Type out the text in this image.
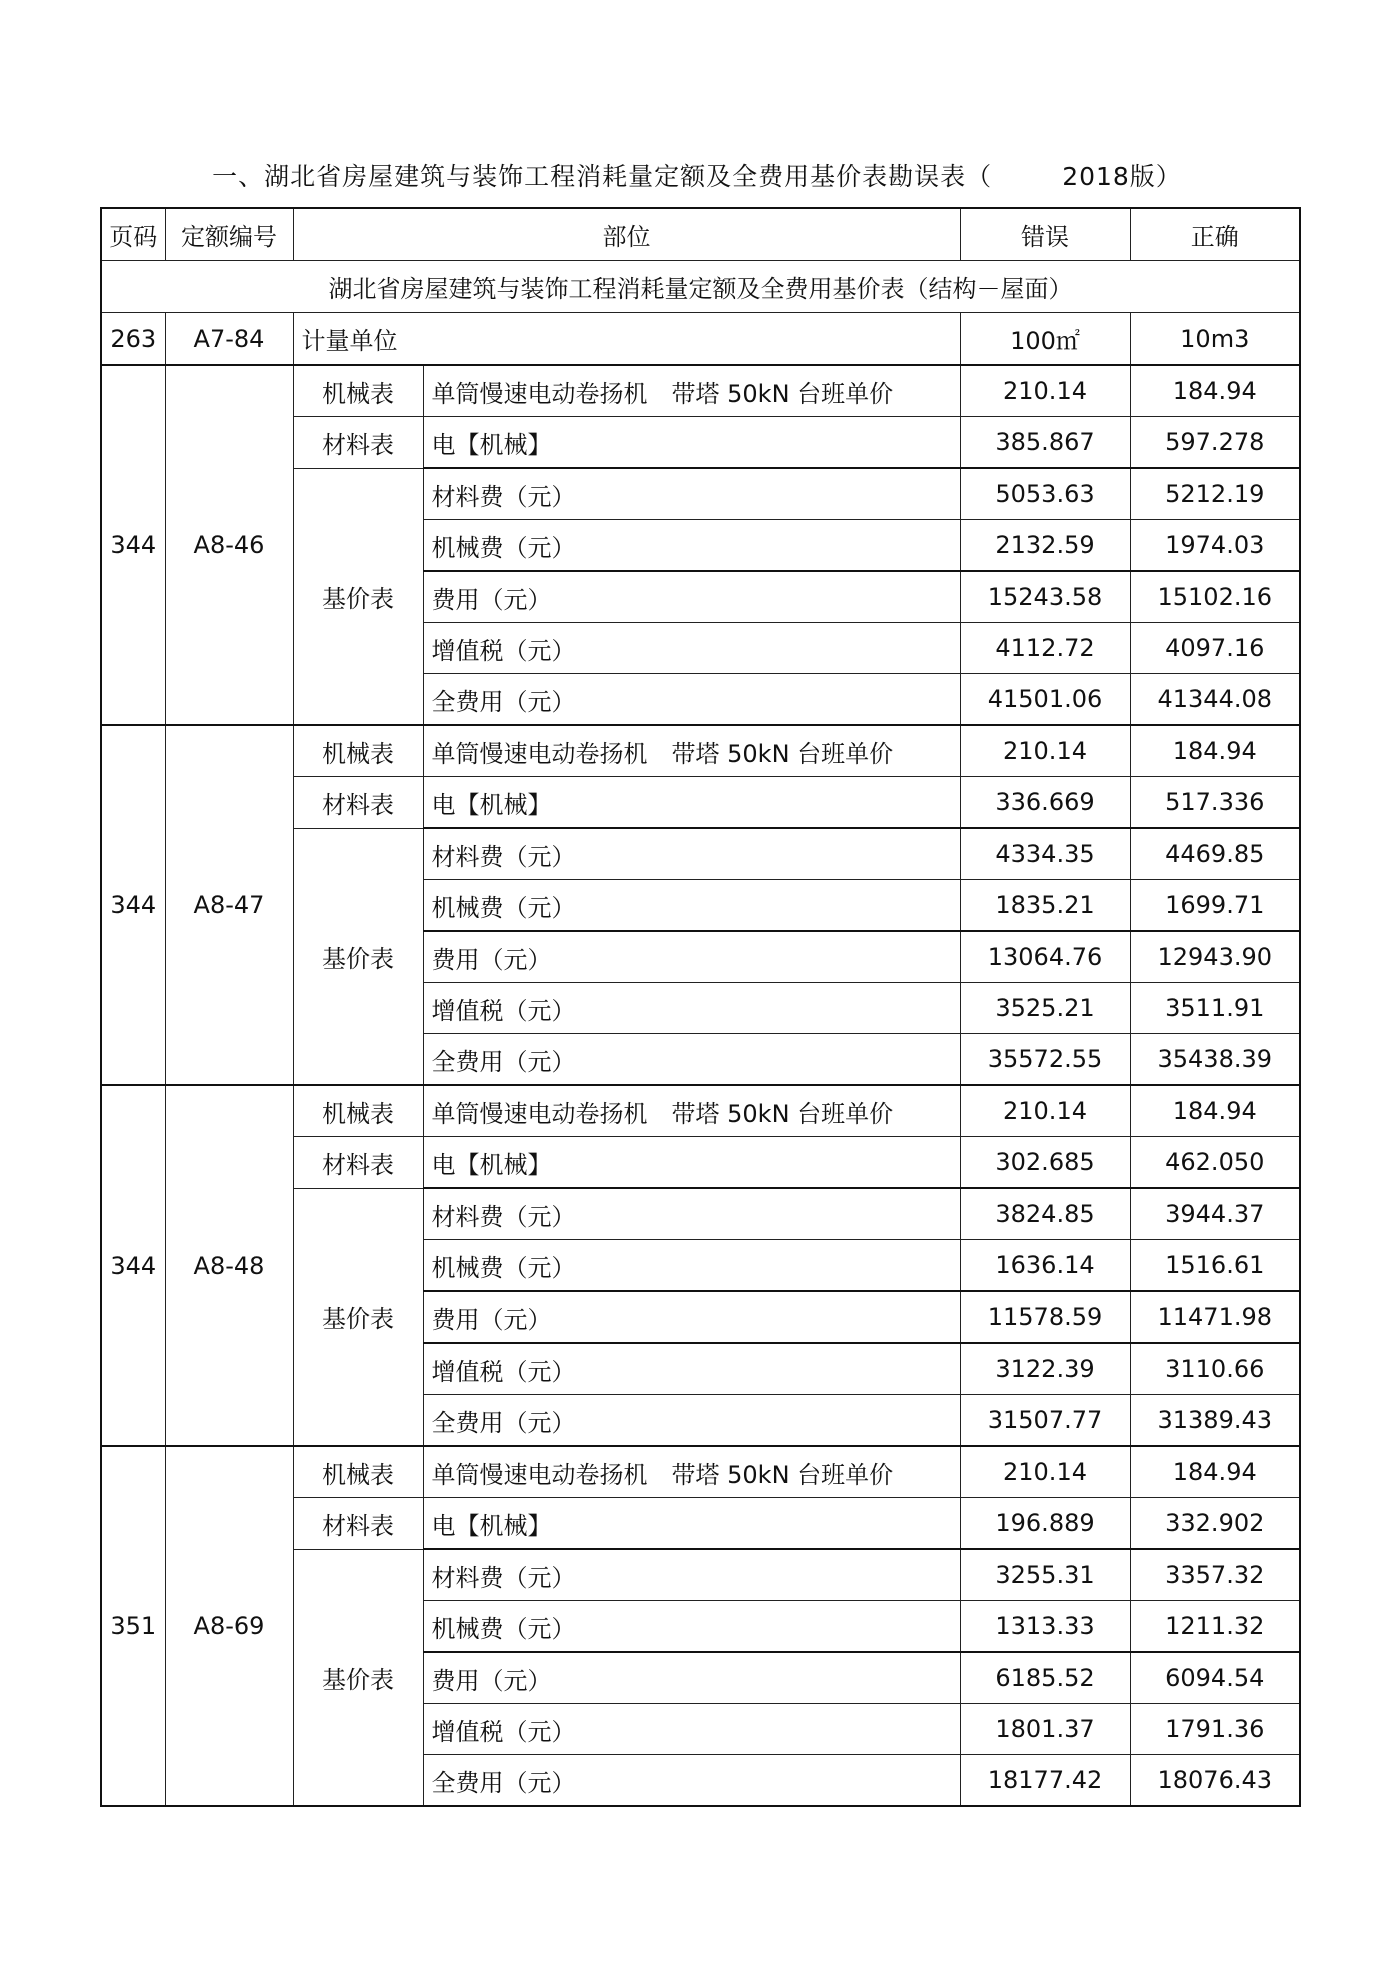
一、湖北省房屋建筑与装饰工程消耗量定额及全费用基价表勘误表（	2018版）
页码	定额编号	部位		错误	正确
湖北省房屋建筑与装饰工程消耗量定额及全费用基价表（结构－屋面）					
263	A7-84	计量单位		100㎡	10m3
344	A8-46	机械表	单筒慢速电动卷扬机　带塔 50kN 台班单价	210.14	184.94
		材料表	电【机械】	385.867	597.278
		基价表	材料费（元）	5053.63	5212.19
			机械费（元）	2132.59	1974.03
			费用（元）	15243.58	15102.16
			增值税（元）	4112.72	4097.16
			全费用（元）	41501.06	41344.08
344	A8-47	机械表	单筒慢速电动卷扬机　带塔 50kN 台班单价	210.14	184.94
		材料表	电【机械】	336.669	517.336
		基价表	材料费（元）	4334.35	4469.85
			机械费（元）	1835.21	1699.71
			费用（元）	13064.76	12943.90
			增值税（元）	3525.21	3511.91
			全费用（元）	35572.55	35438.39
344	A8-48	机械表	单筒慢速电动卷扬机　带塔 50kN 台班单价	210.14	184.94
		材料表	电【机械】	302.685	462.050
		基价表	材料费（元）	3824.85	3944.37
			机械费（元）	1636.14	1516.61
			费用（元）	11578.59	11471.98
			增值税（元）	3122.39	3110.66
			全费用（元）	31507.77	31389.43
351	A8-69	机械表	单筒慢速电动卷扬机　带塔 50kN 台班单价	210.14	184.94
		材料表	电【机械】	196.889	332.902
		基价表	材料费（元）	3255.31	3357.32
			机械费（元）	1313.33	1211.32
			费用（元）	6185.52	6094.54
			增值税（元）	1801.37	1791.36
			全费用（元）	18177.42	18076.43
